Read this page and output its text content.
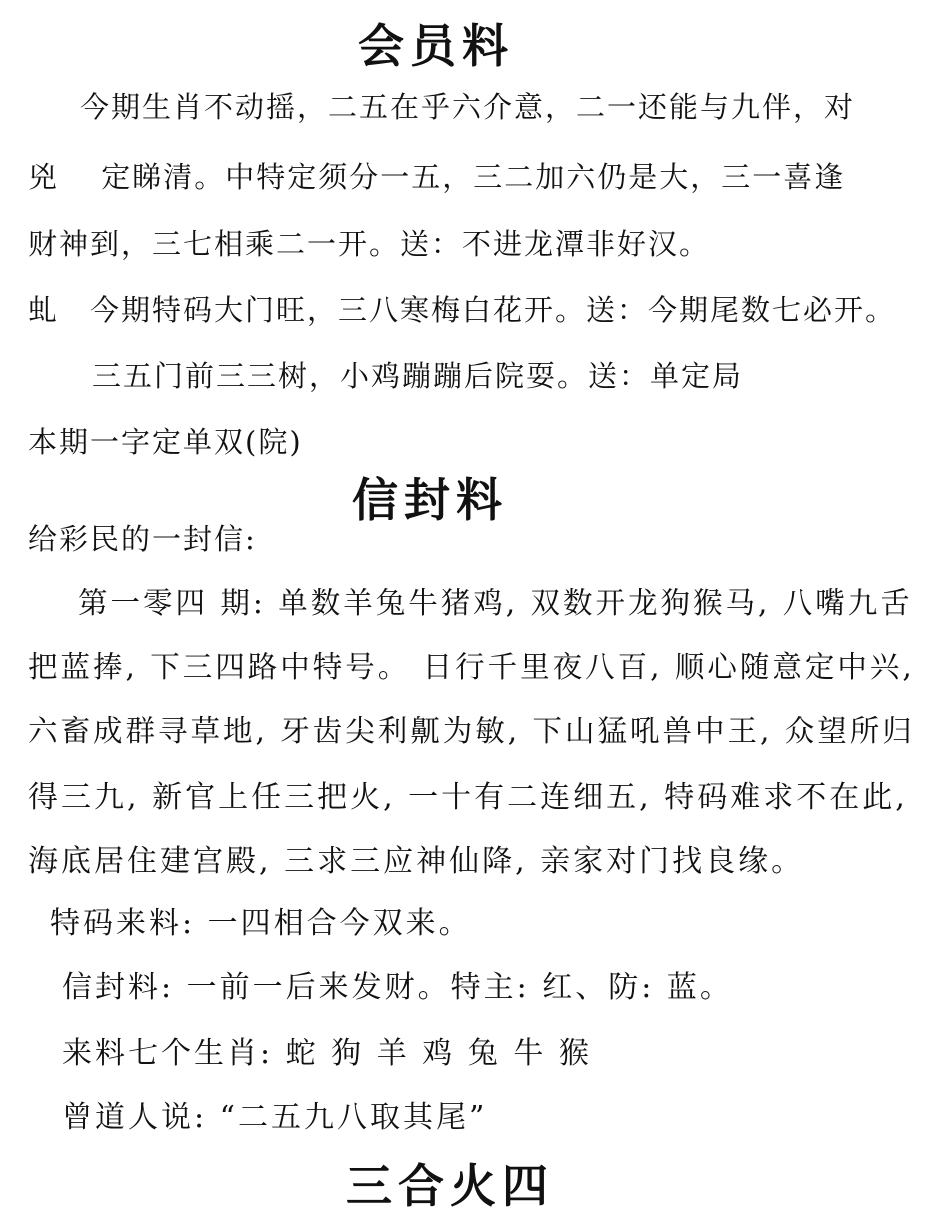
会员料
今期生肖不动摇，二五在乎六介意，二一还能与九伴，对
兇　 定睇清。中特定须分一五，三二加六仍是大，三一喜逢
财神到，三七相乘二一开。送：不进龙潭非好汉。
虬　今期特码大门旺，三八寒梅白花开。送：今期尾数七必开。
三五门前三三树，小鸡蹦蹦后院耍。送：单定局
本期一字定单双(院)
信封料
给彩民的一封信:
第一零四 期: 单数羊兔牛猪鸡, 双数开龙狗猴马, 八嘴九舌
把蓝捧, 下三四路中特号。 日行千里夜八百, 顺心随意定中兴,
六畜成群寻草地, 牙齿尖利鼿为敏, 下山猛吼兽中王, 众望所归
得三九, 新官上任三把火, 一十有二连细五, 特码难求不在此,
海底居住建宫殿, 三求三应神仙降, 亲家对门找良缘。
特码来料: 一四相合今双来。
信封料: 一前一后来发财。特主: 红、防: 蓝。
来料七个生肖: 蛇 狗 羊 鸡 兔 牛 猴
曾道人说: “二五九八取其尾”
三合火四
